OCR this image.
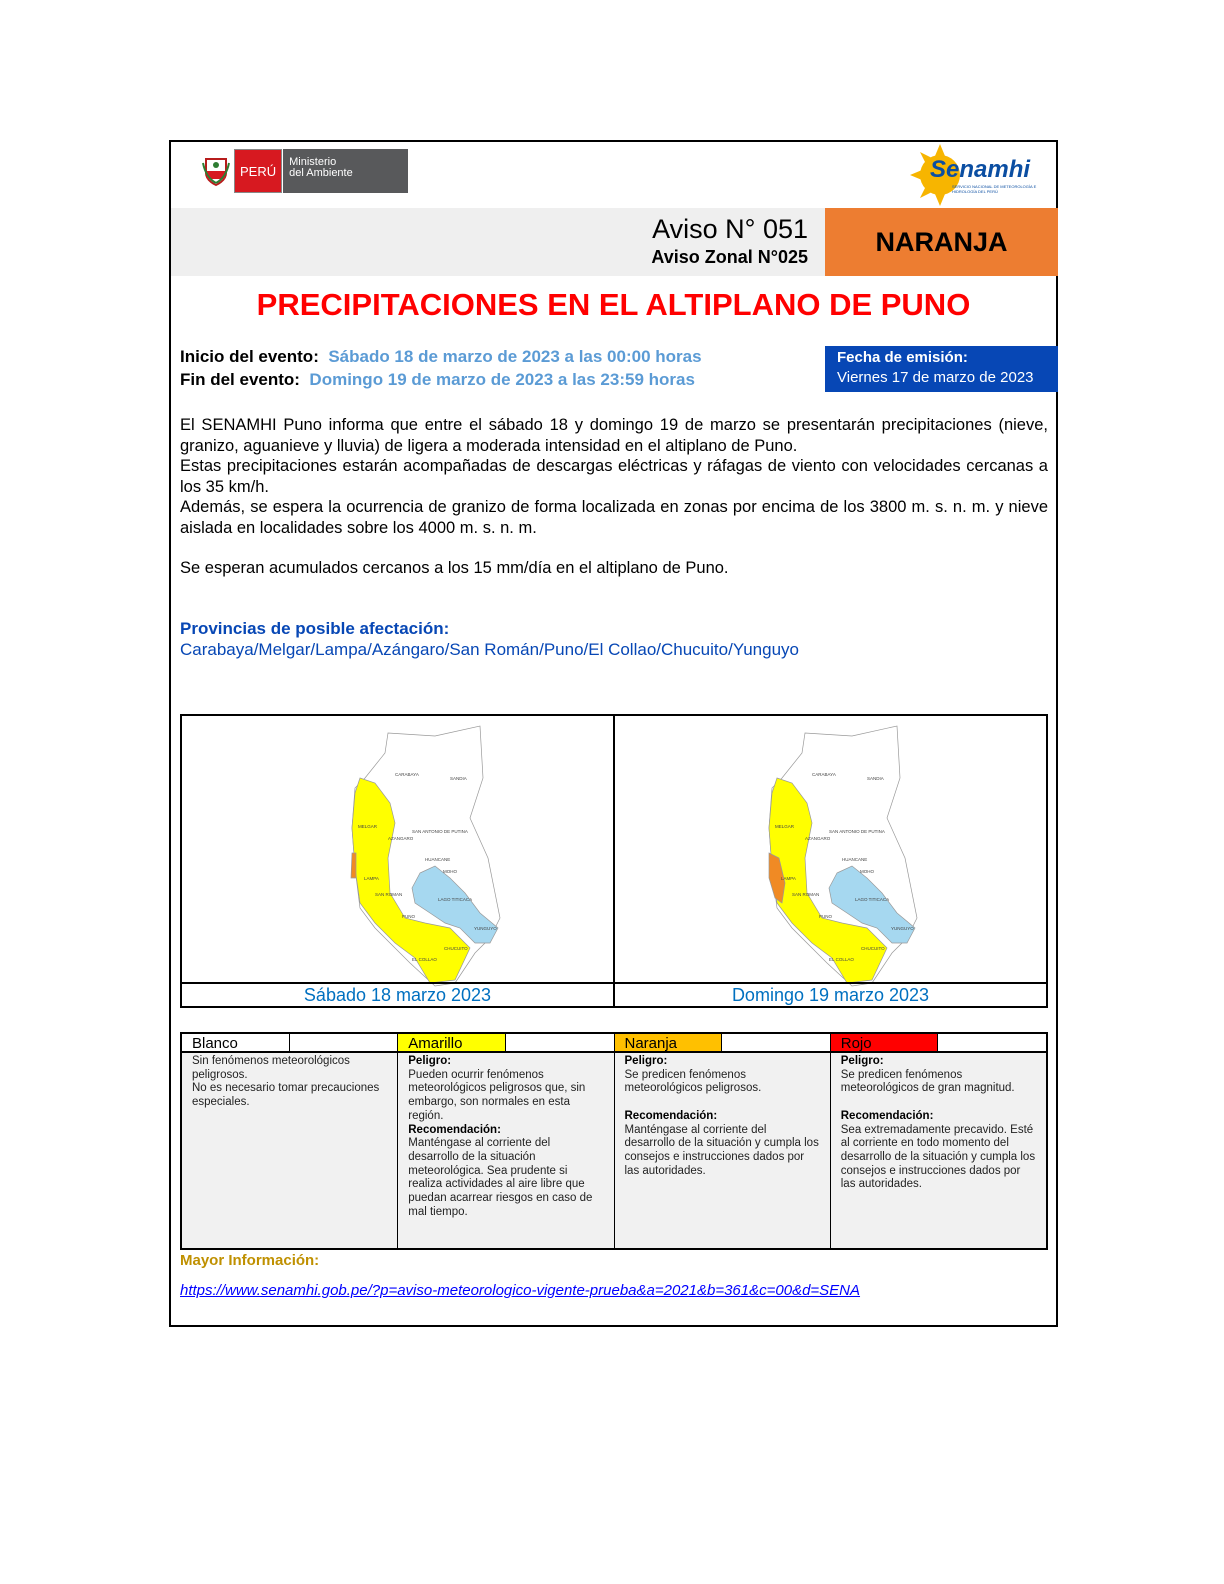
PERÚ
Ministerio
del Ambiente	Senamhi
SERVICIO NACIONAL DE METEOROLOGÍA E HIDROLOGÍA DEL PERÚ
Aviso N° 051
Aviso Zonal N°025
NARANJA
PRECIPITACIONES EN EL ALTIPLANO DE PUNO
Inicio del evento: Sábado 18 de marzo de 2023 a las 00:00 horas
Fin del evento: Domingo 19 de marzo de 2023 a las 23:59 horas
Fecha de emisión:
Viernes 17 de marzo de 2023

El SENAMHI Puno informa que entre el sábado 18 y domingo 19 de marzo se presentarán precipitaciones (nieve, granizo, aguanieve y lluvia) de ligera a moderada intensidad en el altiplano de Puno.

Estas precipitaciones estarán acompañadas de descargas eléctricas y ráfagas de viento con velocidades cercanas a los 35 km/h.

Además, se espera la ocurrencia de granizo de forma localizada en zonas por encima de los 3800 m. s. n. m. y nieve aislada en localidades sobre los 4000 m. s. n. m.

Se esperan acumulados cercanos a los 15 mm/día en el altiplano de Puno.

Provincias de posible afectación:
Carabaya/Melgar/Lampa/Azángaro/San Román/Puno/El Collao/Chucuito/Yunguyo
CARABAYA
SANDIA
MELGAR
AZANGARO
SAN ANTONIO DE PUTINA
HUANCANE
MOHO
LAMPA
SAN ROMAN
LAGO TITICACA
PUNO
YUNGUYO
CHUCUITO
EL COLLAO
Sábado 18 marzo 2023
CARABAYA
SANDIA
MELGAR
AZANGARO
SAN ANTONIO DE PUTINA
HUANCANE
MOHO
LAMPA
SAN ROMAN
LAGO TITICACA
PUNO
YUNGUYO
CHUCUITO
EL COLLAO
Domingo 19 marzo 2023
Blanco
Sin fenómenos meteorológicos peligrosos.
No es necesario tomar precauciones especiales.
Amarillo
Peligro:
Pueden ocurrir fenómenos meteorológicos peligrosos que, sin embargo, son normales en esta región.
Recomendación:
Manténgase al corriente del desarrollo de la situación meteorológica. Sea prudente si realiza actividades al aire libre que puedan acarrear riesgos en caso de mal tiempo.
Naranja
Peligro:
Se predicen fenómenos meteorológicos peligrosos.

Recomendación:
Manténgase al corriente del desarrollo de la situación y cumpla los consejos e instrucciones dados por las autoridades.
Rojo
Peligro:
Se predicen fenómenos meteorológicos de gran magnitud.

Recomendación:
Sea extremadamente precavido. Esté al corriente en todo momento del desarrollo de la situación y cumpla los consejos e instrucciones dados por las autoridades.
Mayor Información:
https://www.senamhi.gob.pe/?p=aviso-meteorologico-vigente-prueba&a=2021&b=361&c=00&d=SENA
